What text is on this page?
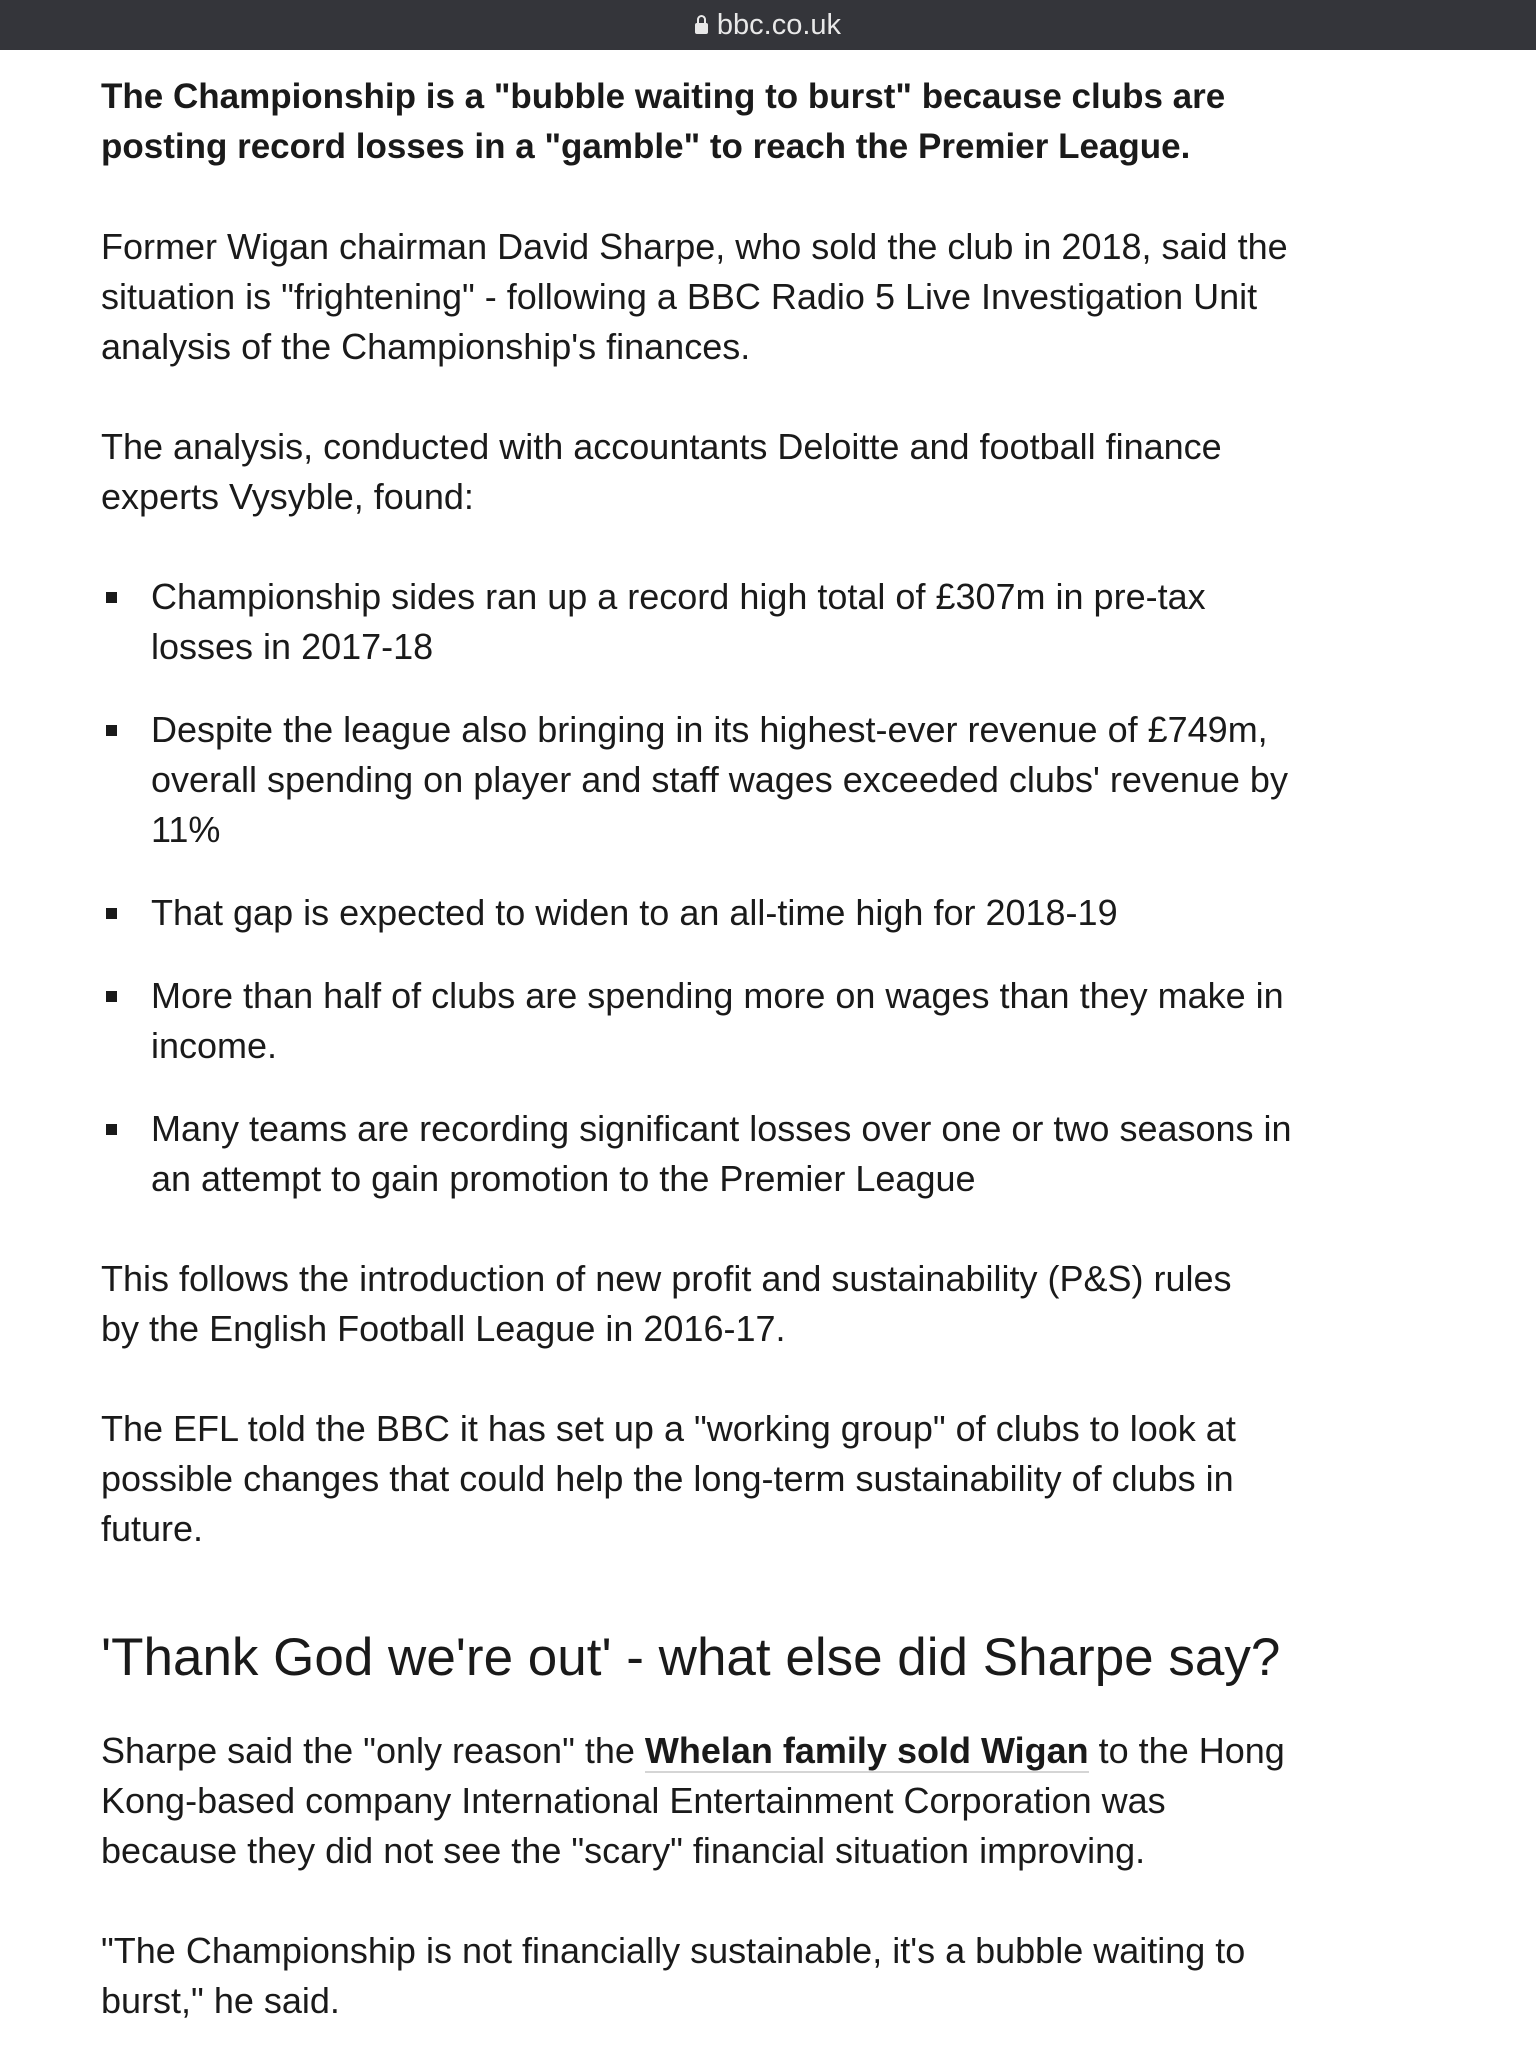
bbc.co.uk

The Championship is a "bubble waiting to burst" because clubs are
posting record losses in a "gamble" to reach the Premier League.

Former Wigan chairman David Sharpe, who sold the club in 2018, said the
situation is "frightening" - following a BBC Radio 5 Live Investigation Unit
analysis of the Championship's finances.

The analysis, conducted with accountants Deloitte and football finance
experts Vysyble, found:

Championship sides ran up a record high total of £307m in pre-tax
losses in 2017-18
Despite the league also bringing in its highest-ever revenue of £749m,
overall spending on player and staff wages exceeded clubs' revenue by
11%
That gap is expected to widen to an all-time high for 2018-19
More than half of clubs are spending more on wages than they make in
income.
Many teams are recording significant losses over one or two seasons in
an attempt to gain promotion to the Premier League

This follows the introduction of new profit and sustainability (P&S) rules
by the English Football League in 2016-17.

The EFL told the BBC it has set up a "working group" of clubs to look at
possible changes that could help the long-term sustainability of clubs in
future.

'Thank God we're out' - what else did Sharpe say?

Sharpe said the "only reason" the Whelan family sold Wigan to the Hong
Kong-based company International Entertainment Corporation was
because they did not see the "scary" financial situation improving.

"The Championship is not financially sustainable, it's a bubble waiting to
burst," he said.
